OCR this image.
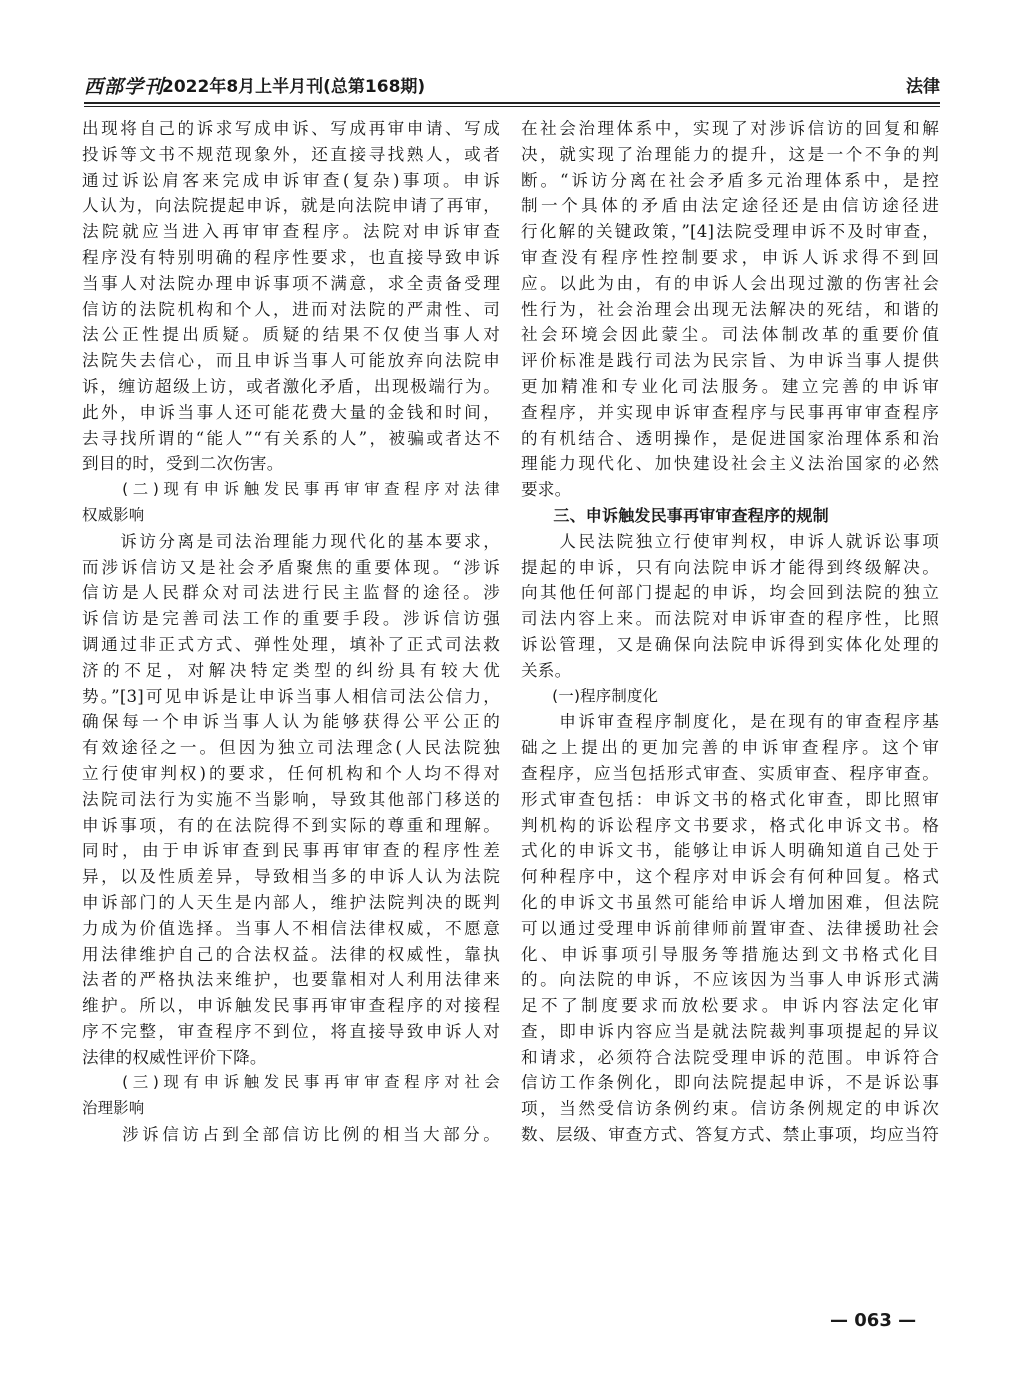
西部学刊
2022年8月上半月刊(总第168期)	法律
出现将自己的诉求写成申诉、写成再审申请、写成
投诉等文书不规范现象外，还直接寻找熟人，或者
通过诉讼肩客来完成申诉审查(复杂)事项。申诉
人认为，向法院提起申诉，就是向法院申请了再审，
法院就应当进入再审审查程序。法院对申诉审查
程序没有特别明确的程序性要求，也直接导致申诉
当事人对法院办理申诉事项不满意，求全责备受理
信访的法院机构和个人，进而对法院的严肃性、司
法公正性提出质疑。质疑的结果不仅使当事人对
法院失去信心，而且申诉当事人可能放弃向法院申
诉，缠访超级上访，或者激化矛盾，出现极端行为。
此外，申诉当事人还可能花费大量的金钱和时间，
去寻找所谓的“能人”“有关系的人”，被骗或者达不
到目的时，受到二次伤害。
　　(二)现有申诉触发民事再审审查程序对法律
权威影响
　　诉访分离是司法治理能力现代化的基本要求，
而涉诉信访又是社会矛盾聚焦的重要体现。“涉诉
信访是人民群众对司法进行民主监督的途径。涉
诉信访是完善司法工作的重要手段。涉诉信访强
调通过非正式方式、弹性处理，填补了正式司法救
济的不足，对解决特定类型的纠纷具有较大优
势。”[3]可见申诉是让申诉当事人相信司法公信力，
确保每一个申诉当事人认为能够获得公平公正的
有效途径之一。但因为独立司法理念(人民法院独
立行使审判权)的要求，任何机构和个人均不得对
法院司法行为实施不当影响，导致其他部门移送的
申诉事项，有的在法院得不到实际的尊重和理解。
同时，由于申诉审查到民事再审审查的程序性差
异，以及性质差异，导致相当多的申诉人认为法院
申诉部门的人天生是内部人，维护法院判决的既判
力成为价值选择。当事人不相信法律权威，不愿意
用法律维护自己的合法权益。法律的权威性，靠执
法者的严格执法来维护，也要靠相对人利用法律来
维护。所以，申诉触发民事再审审查程序的对接程
序不完整，审查程序不到位，将直接导致申诉人对
法律的权威性评价下降。
　　(三)现有申诉触发民事再审审查程序对社会
治理影响
　　涉诉信访占到全部信访比例的相当大部分。
在社会治理体系中，实现了对涉诉信访的回复和解
决，就实现了治理能力的提升，这是一个不争的判
断。“诉访分离在社会矛盾多元治理体系中，是控
制一个具体的矛盾由法定途径还是由信访途径进
行化解的关键政策，”[4]法院受理申诉不及时审查，
审查没有程序性控制要求，申诉人诉求得不到回
应。以此为由，有的申诉人会出现过激的伤害社会
性行为，社会治理会出现无法解决的死结，和谐的
社会环境会因此蒙尘。司法体制改革的重要价值
评价标准是践行司法为民宗旨、为申诉当事人提供
更加精准和专业化司法服务。建立完善的申诉审
查程序，并实现申诉审查程序与民事再审审查程序
的有机结合、透明操作，是促进国家治理体系和治
理能力现代化、加快建设社会主义法治国家的必然
要求。
　　三、申诉触发民事再审审查程序的规制
　　人民法院独立行使审判权，申诉人就诉讼事项
提起的申诉，只有向法院申诉才能得到终级解决。
向其他任何部门提起的申诉，均会回到法院的独立
司法内容上来。而法院对申诉审查的程序性，比照
诉讼管理，又是确保向法院申诉得到实体化处理的
关系。
　　(一)程序制度化
　　申诉审查程序制度化，是在现有的审查程序基
础之上提出的更加完善的申诉审查程序。这个审
查程序，应当包括形式审查、实质审查、程序审查。
形式审查包括：申诉文书的格式化审查，即比照审
判机构的诉讼程序文书要求，格式化申诉文书。格
式化的申诉文书，能够让申诉人明确知道自己处于
何种程序中，这个程序对申诉会有何种回复。格式
化的申诉文书虽然可能给申诉人增加困难，但法院
可以通过受理申诉前律师前置审查、法律援助社会
化、申诉事项引导服务等措施达到文书格式化目
的。向法院的申诉，不应该因为当事人申诉形式满
足不了制度要求而放松要求。申诉内容法定化审
查，即申诉内容应当是就法院裁判事项提起的异议
和请求，必须符合法院受理申诉的范围。申诉符合
信访工作条例化，即向法院提起申诉，不是诉讼事
项，当然受信访条例约束。信访条例规定的申诉次
数、层级、审查方式、答复方式、禁止事项，均应当符
— 063 —
